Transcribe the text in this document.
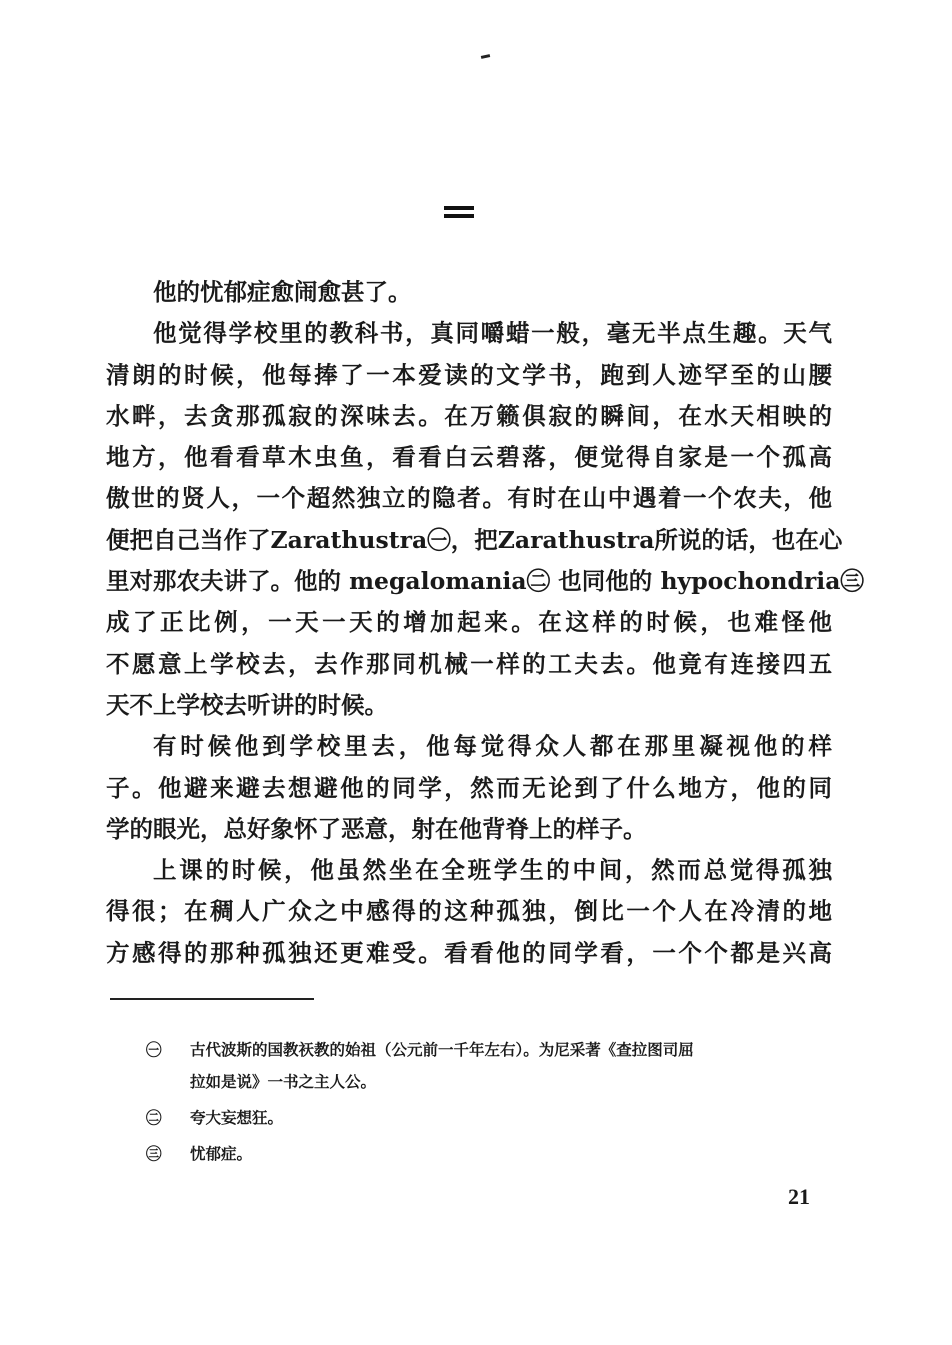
他的忧郁症愈闹愈甚了。
他觉得学校里的教科书，真同嚼蜡一般，毫无半点生趣。天气
清朗的时候，他每捧了一本爱读的文学书，跑到人迹罕至的山腰
水畔，去贪那孤寂的深味去。在万籁俱寂的瞬间，在水天相映的
地方，他看看草木虫鱼，看看白云碧落，便觉得自家是一个孤高
傲世的贤人，一个超然独立的隐者。有时在山中遇着一个农夫，他
便把自己当作了Zarathustra㊀，把Zarathustra所说的话，也在心
里对那农夫讲了。他的 megalomania㊁ 也同他的 hypochondria㊂
成了正比例，一天一天的增加起来。在这样的时候，也难怪他
不愿意上学校去，去作那同机械一样的工夫去。他竟有连接四五
天不上学校去听讲的时候。
有时候他到学校里去，他每觉得众人都在那里凝视他的样
子。他避来避去想避他的同学，然而无论到了什么地方，他的同
学的眼光，总好象怀了恶意，射在他背脊上的样子。
上课的时候，他虽然坐在全班学生的中间，然而总觉得孤独
得很；在稠人广众之中感得的这种孤独，倒比一个人在冷清的地
方感得的那种孤独还更难受。看看他的同学看，一个个都是兴高
㊀ 古代波斯的国教祆教的始祖（公元前一千年左右）。为尼采著《查拉图司屈
拉如是说》一书之主人公。
㊁ 夸大妄想狂。
㊂ 忧郁症。
21
